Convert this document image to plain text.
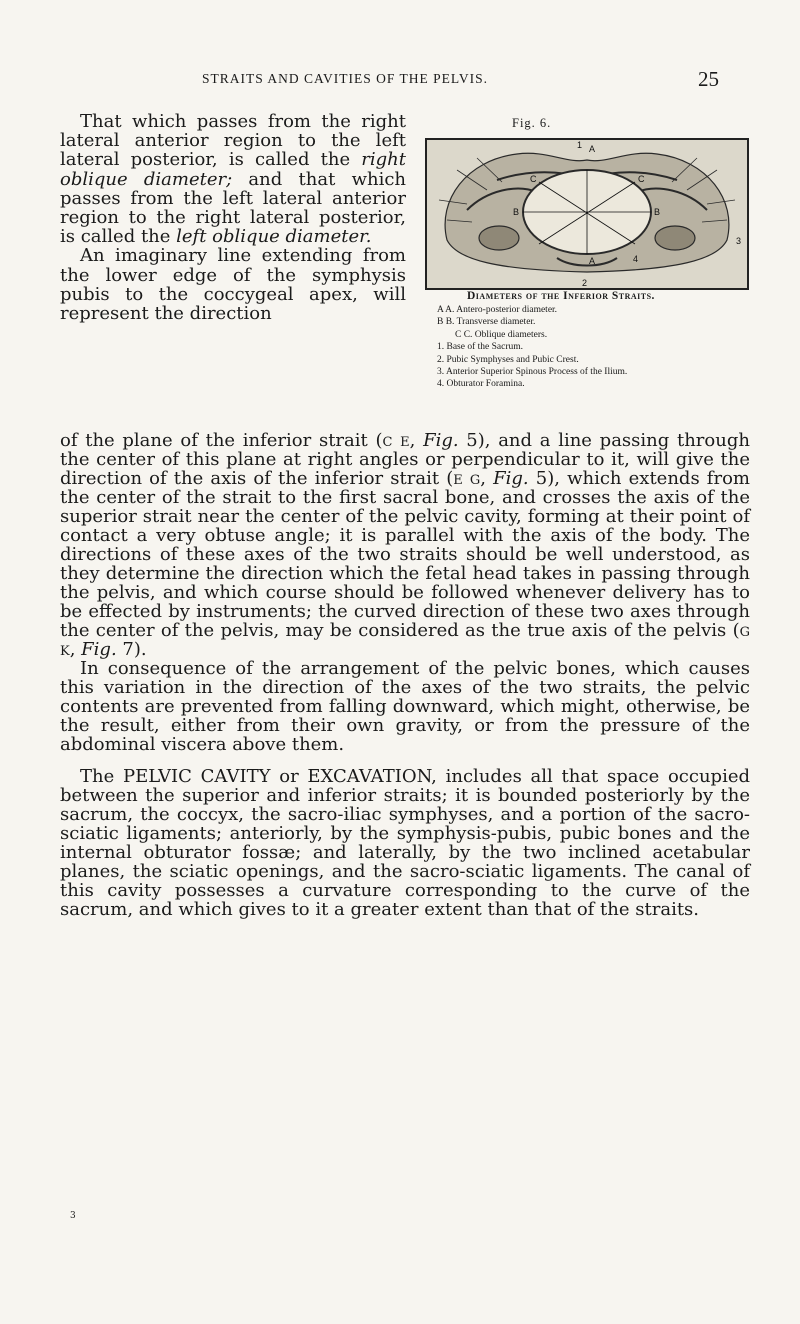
STRAITS AND CAVITIES OF THE PELVIS.	25

That which passes from the right lateral anterior region to the left lateral posterior, is called the right oblique diameter; and that which passes from the left lateral anterior region to the right lateral posterior, is called the left oblique diameter.

An imaginary line extending from the lower edge of the symphysis pubis to the coccygeal apex, will represent the direction

Fig. 6.
A
A
B	B
C	C
1
2
3
4
Diameters of the Inferior Straits.
A A. Antero-posterior diameter.
B B. Transverse diameter.
C C. Oblique diameters.
1. Base of the Sacrum.
2. Pubic Symphyses and Pubic Crest.
3. Anterior Superior Spinous Process of the Ilium.
4. Obturator Foramina.

of the plane of the inferior strait (c e, Fig. 5), and a line passing through the center of this plane at right angles or perpendicular to it, will give the direction of the axis of the inferior strait (e g, Fig. 5), which extends from the center of the strait to the first sacral bone, and crosses the axis of the superior strait near the center of the pelvic cavity, forming at their point of contact a very obtuse angle; it is parallel with the axis of the body. The directions of these axes of the two straits should be well understood, as they determine the direction which the fetal head takes in passing through the pelvis, and which course should be followed whenever delivery has to be effected by instruments; the curved direction of these two axes through the center of the pelvis, may be considered as the true axis of the pelvis (g k, Fig. 7).

In consequence of the arrangement of the pelvic bones, which causes this variation in the direction of the axes of the two straits, the pelvic contents are prevented from falling downward, which might, otherwise, be the result, either from their own gravity, or from the pressure of the abdominal viscera above them.

The PELVIC CAVITY or EXCAVATION, includes all that space occupied between the superior and inferior straits; it is bounded posteriorly by the sacrum, the coccyx, the sacro-iliac symphyses, and a portion of the sacro-sciatic ligaments; anteriorly, by the symphysis-pubis, pubic bones and the internal obturator fossæ; and laterally, by the two inclined acetabular planes, the sciatic openings, and the sacro-sciatic ligaments. The canal of this cavity possesses a curvature corresponding to the curve of the sacrum, and which gives to it a greater extent than that of the straits.

3
